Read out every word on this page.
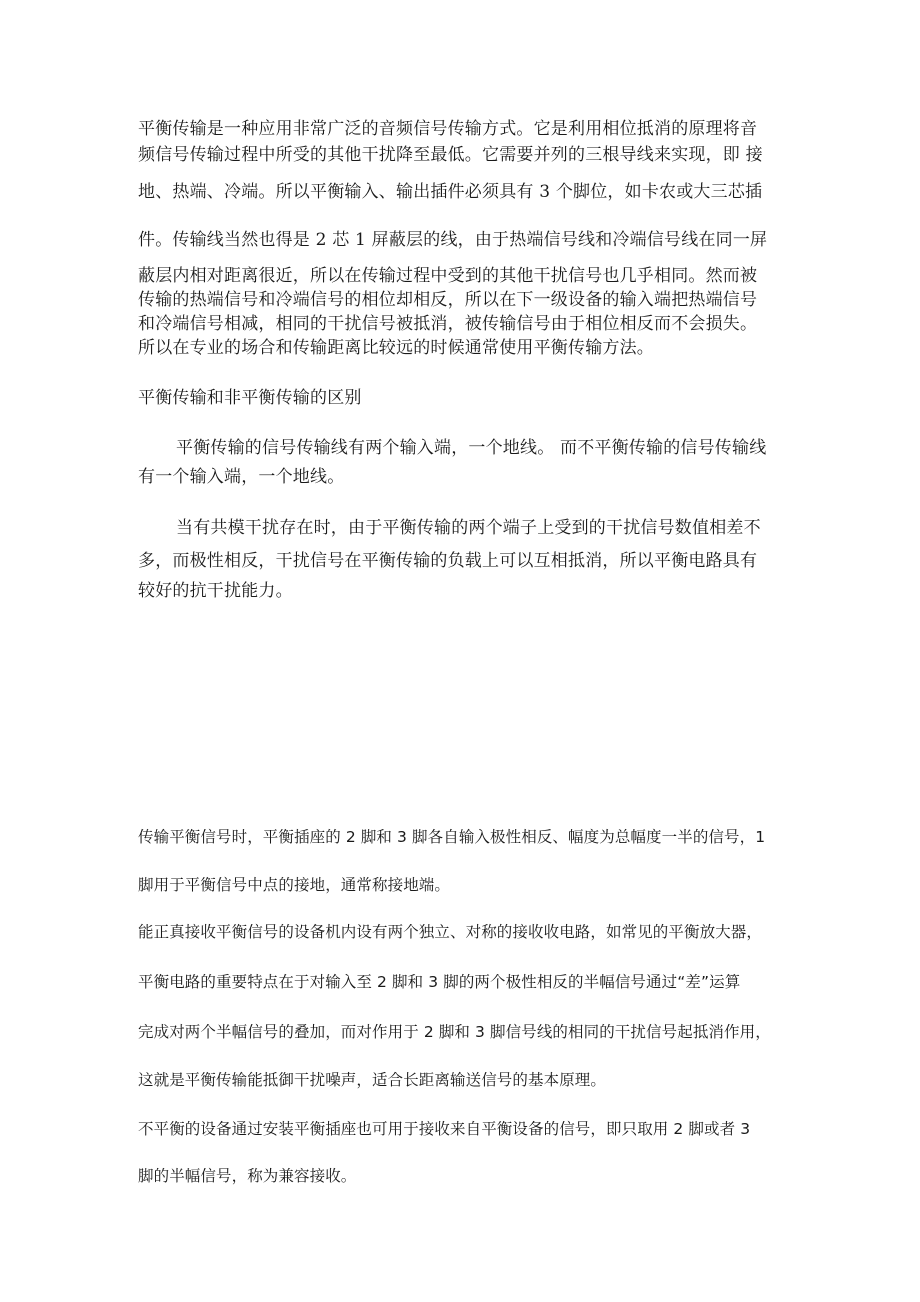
平衡传输是一种应用非常广泛的音频信号传输方式。它是利用相位抵消的原理将音

频信号传输过程中所受的其他干扰降至最低。它需要并列的三根导线来实现，即 接

地、热端、冷端。所以平衡输入、输出插件必须具有 3 个脚位，如卡农或大三芯插

件。传输线当然也得是 2 芯 1 屏蔽层的线，由于热端信号线和冷端信号线在同一屏

蔽层内相对距离很近，所以在传输过程中受到的其他干扰信号也几乎相同。然而被

传输的热端信号和冷端信号的相位却相反，所以在下一级设备的输入端把热端信号

和冷端信号相减，相同的干扰信号被抵消，被传输信号由于相位相反而不会损失。

所以在专业的场合和传输距离比较远的时候通常使用平衡传输方法。

平衡传输和非平衡传输的区别

平衡传输的信号传输线有两个输入端，一个地线。 而不平衡传输的信号传输线

有一个输入端，一个地线。

当有共模干扰存在时，由于平衡传输的两个端子上受到的干扰信号数值相差不

多，而极性相反，干扰信号在平衡传输的负载上可以互相抵消，所以平衡电路具有

较好的抗干扰能力。

传输平衡信号时，平衡插座的 2 脚和 3 脚各自输入极性相反、幅度为总幅度一半的信号，1

脚用于平衡信号中点的接地，通常称接地端。

能正真接收平衡信号的设备机内设有两个独立、对称的接收收电路，如常见的平衡放大器，

平衡电路的重要特点在于对输入至 2 脚和 3 脚的两个极性相反的半幅信号通过“差”运算

完成对两个半幅信号的叠加，而对作用于 2 脚和 3 脚信号线的相同的干扰信号起抵消作用，

这就是平衡传输能抵御干扰噪声，适合长距离输送信号的基本原理。

不平衡的设备通过安装平衡插座也可用于接收来自平衡设备的信号，即只取用 2 脚或者 3

脚的半幅信号，称为兼容接收。
